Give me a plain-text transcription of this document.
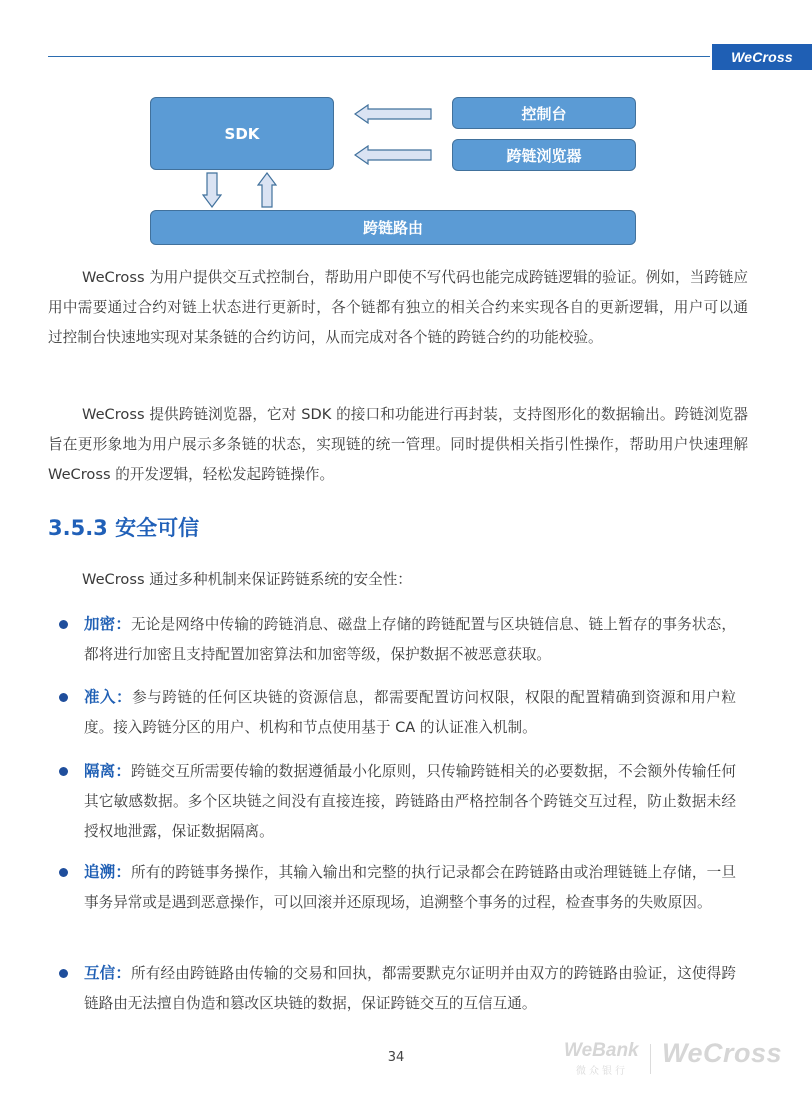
WeCross
SDK
控制台
跨链浏览器
跨链路由

WeCross 为用户提供交互式控制台，帮助用户即使不写代码也能完成跨链逻辑的验证。例如，当跨链应用中需要通过合约对链上状态进行更新时，各个链都有独立的相关合约来实现各自的更新逻辑，用户可以通过控制台快速地实现对某条链的合约访问，从而完成对各个链的跨链合约的功能校验。

WeCross 提供跨链浏览器，它对 SDK 的接口和功能进行再封装，支持图形化的数据输出。跨链浏览器旨在更形象地为用户展示多条链的状态，实现链的统一管理。同时提供相关指引性操作，帮助用户快速理解 WeCross 的开发逻辑，轻松发起跨链操作。

3.5.3 安全可信

WeCross 通过多种机制来保证跨链系统的安全性：

加密：无论是网络中传输的跨链消息、磁盘上存储的跨链配置与区块链信息、链上暂存的事务状态，都将进行加密且支持配置加密算法和加密等级，保护数据不被恶意获取。

准入：参与跨链的任何区块链的资源信息，都需要配置访问权限，权限的配置精确到资源和用户粒度。接入跨链分区的用户、机构和节点使用基于 CA 的认证准入机制。

隔离：跨链交互所需要传输的数据遵循最小化原则，只传输跨链相关的必要数据，不会额外传输任何其它敏感数据。多个区块链之间没有直接连接，跨链路由严格控制各个跨链交互过程，防止数据未经授权地泄露，保证数据隔离。

追溯：所有的跨链事务操作，其输入输出和完整的执行记录都会在跨链路由或治理链链上存储，一旦事务异常或是遇到恶意操作，可以回滚并还原现场，追溯整个事务的过程，检查事务的失败原因。

互信：所有经由跨链路由传输的交易和回执，都需要默克尔证明并由双方的跨链路由验证，这使得跨链路由无法擅自伪造和篡改区块链的数据，保证跨链交互的互信互通。

34	WeBank
微众银行
WeCross
